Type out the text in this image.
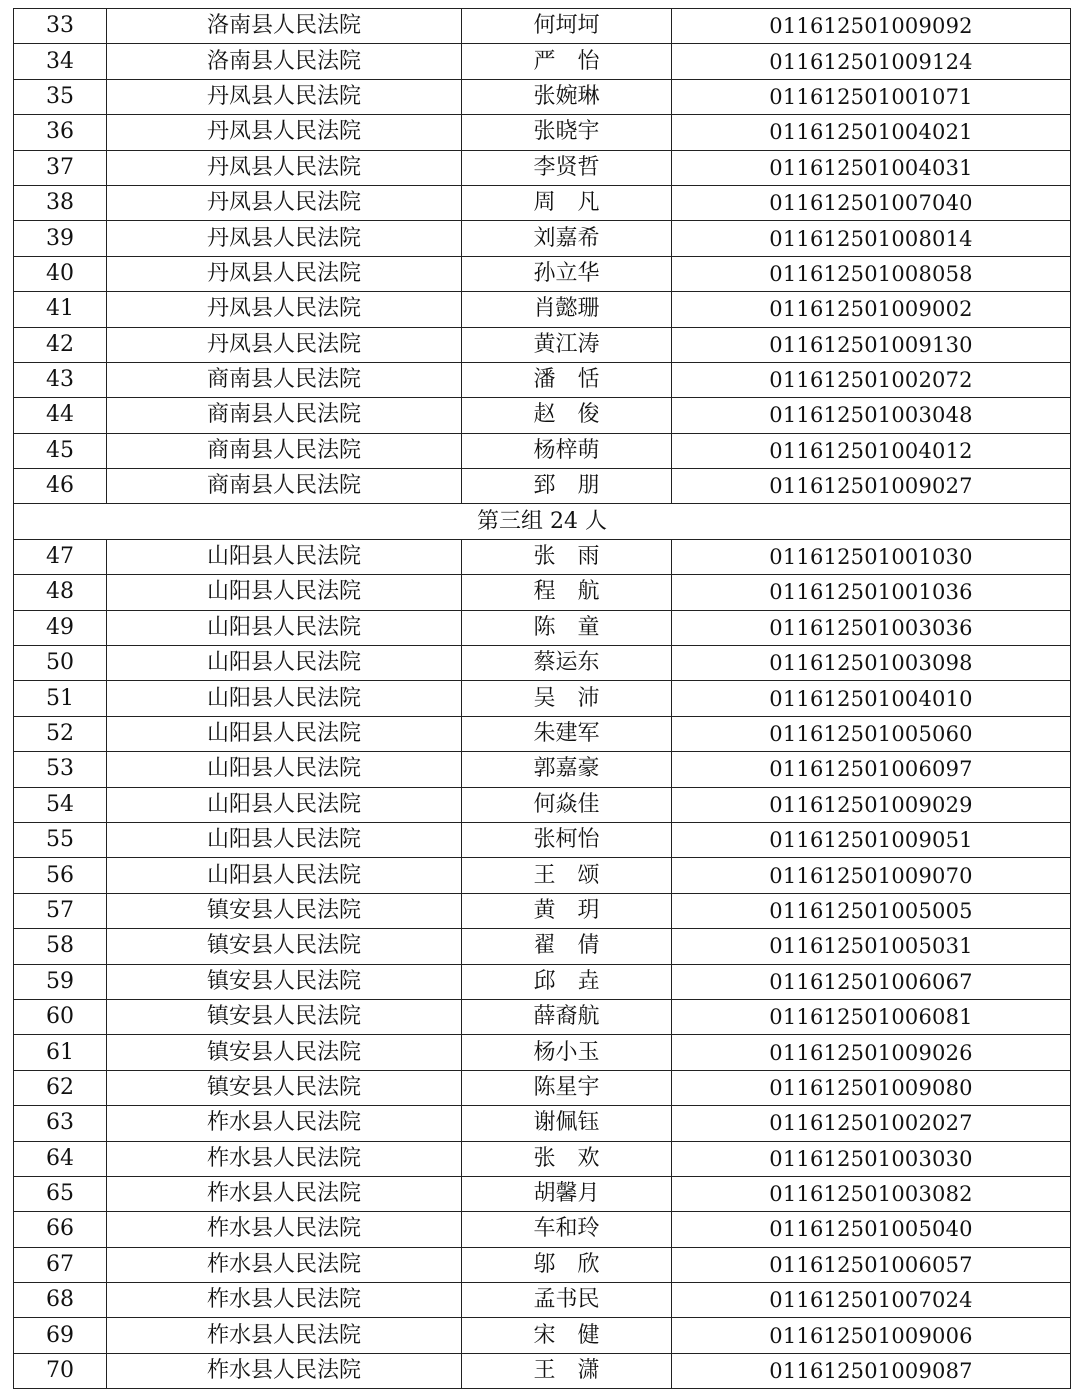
33	洛南县人民法院	何坷坷	011612501009092
34	洛南县人民法院	严　怡	011612501009124
35	丹凤县人民法院	张婉琳	011612501001071
36	丹凤县人民法院	张晓宇	011612501004021
37	丹凤县人民法院	李贤哲	011612501004031
38	丹凤县人民法院	周　凡	011612501007040
39	丹凤县人民法院	刘嘉希	011612501008014
40	丹凤县人民法院	孙立华	011612501008058
41	丹凤县人民法院	肖懿珊	011612501009002
42	丹凤县人民法院	黄江涛	011612501009130
43	商南县人民法院	潘　恬	011612501002072
44	商南县人民法院	赵　俊	011612501003048
45	商南县人民法院	杨梓萌	011612501004012
46	商南县人民法院	郅　朋	011612501009027
第三组 24 人			
47	山阳县人民法院	张　雨	011612501001030
48	山阳县人民法院	程　航	011612501001036
49	山阳县人民法院	陈　童	011612501003036
50	山阳县人民法院	蔡运东	011612501003098
51	山阳县人民法院	吴　沛	011612501004010
52	山阳县人民法院	朱建军	011612501005060
53	山阳县人民法院	郭嘉豪	011612501006097
54	山阳县人民法院	何焱佳	011612501009029
55	山阳县人民法院	张柯怡	011612501009051
56	山阳县人民法院	王　颂	011612501009070
57	镇安县人民法院	黄　玥	011612501005005
58	镇安县人民法院	翟　倩	011612501005031
59	镇安县人民法院	邱　垚	011612501006067
60	镇安县人民法院	薛裔航	011612501006081
61	镇安县人民法院	杨小玉	011612501009026
62	镇安县人民法院	陈星宇	011612501009080
63	柞水县人民法院	谢佩钰	011612501002027
64	柞水县人民法院	张　欢	011612501003030
65	柞水县人民法院	胡馨月	011612501003082
66	柞水县人民法院	车和玲	011612501005040
67	柞水县人民法院	邬　欣	011612501006057
68	柞水县人民法院	孟书民	011612501007024
69	柞水县人民法院	宋　健	011612501009006
70	柞水县人民法院	王　潇	011612501009087
